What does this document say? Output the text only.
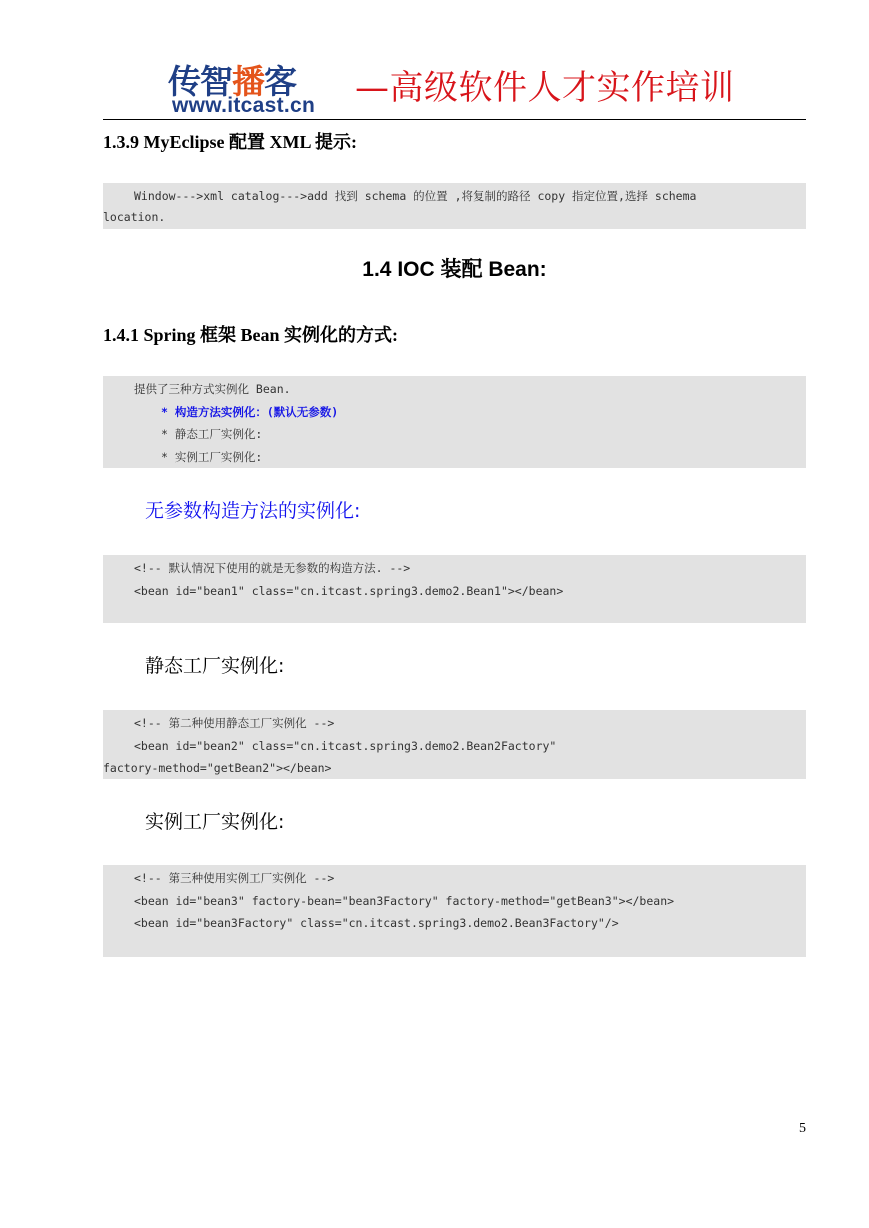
传智播客
www.itcast.cn —高级软件人才实作培训
1.3.9 MyEclipse 配置 XML 提示:
Window--->xml catalog--->add 找到 schema 的位置 ,将复制的路径 copy 指定位置,选择 schema
location.
1.4 IOC 装配 Bean:
1.4.1 Spring 框架 Bean 实例化的方式:
提供了三种方式实例化 Bean.
* 构造方法实例化：(默认无参数)
* 静态工厂实例化:
* 实例工厂实例化:
无参数构造方法的实例化:
<!-- 默认情况下使用的就是无参数的构造方法. -->
<bean id="bean1" class="cn.itcast.spring3.demo2.Bean1"></bean>
静态工厂实例化:
<!-- 第二种使用静态工厂实例化 -->
<bean id="bean2" class="cn.itcast.spring3.demo2.Bean2Factory"
factory-method="getBean2"></bean>
实例工厂实例化:
<!-- 第三种使用实例工厂实例化 -->
<bean id="bean3" factory-bean="bean3Factory" factory-method="getBean3"></bean>
<bean id="bean3Factory" class="cn.itcast.spring3.demo2.Bean3Factory"/>
5
